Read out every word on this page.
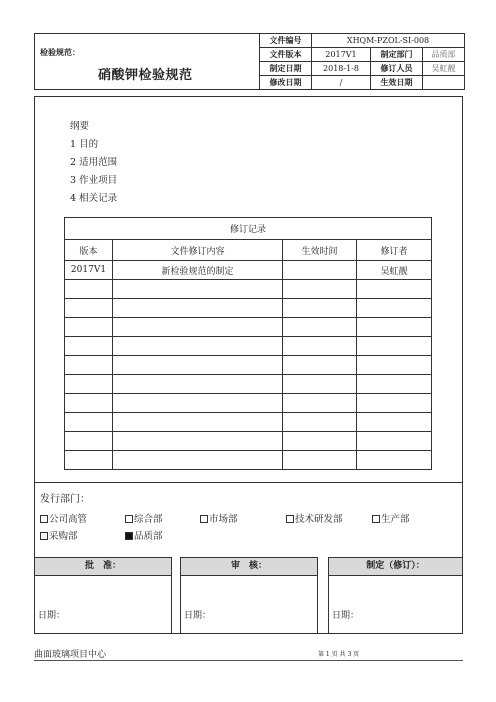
检验规范：
硝酸钾检验规范	文件编号	XHQM-PZOL-SI-008		
	文件版本	2017V1	制定部门	品质部
	制定日期	2018-1-8	修订人员	吴虹靓
	修改日期	/	生效日期	
纲要
1 目的
2 适用范围
3 作业项目
4 相关记录
修订记录			
版本	文件修订内容	生效时间	修订者
2017V1	新检验规范的制定		吴虹靓

发行部门：
公司高管	综合部	市场部	技术研发部	生产部
采购部	品质部
批　准：
日期：
审　核：
日期：
制定（修订）：
日期：
曲面玻璃项目中心	第 1 页 共 3 页
